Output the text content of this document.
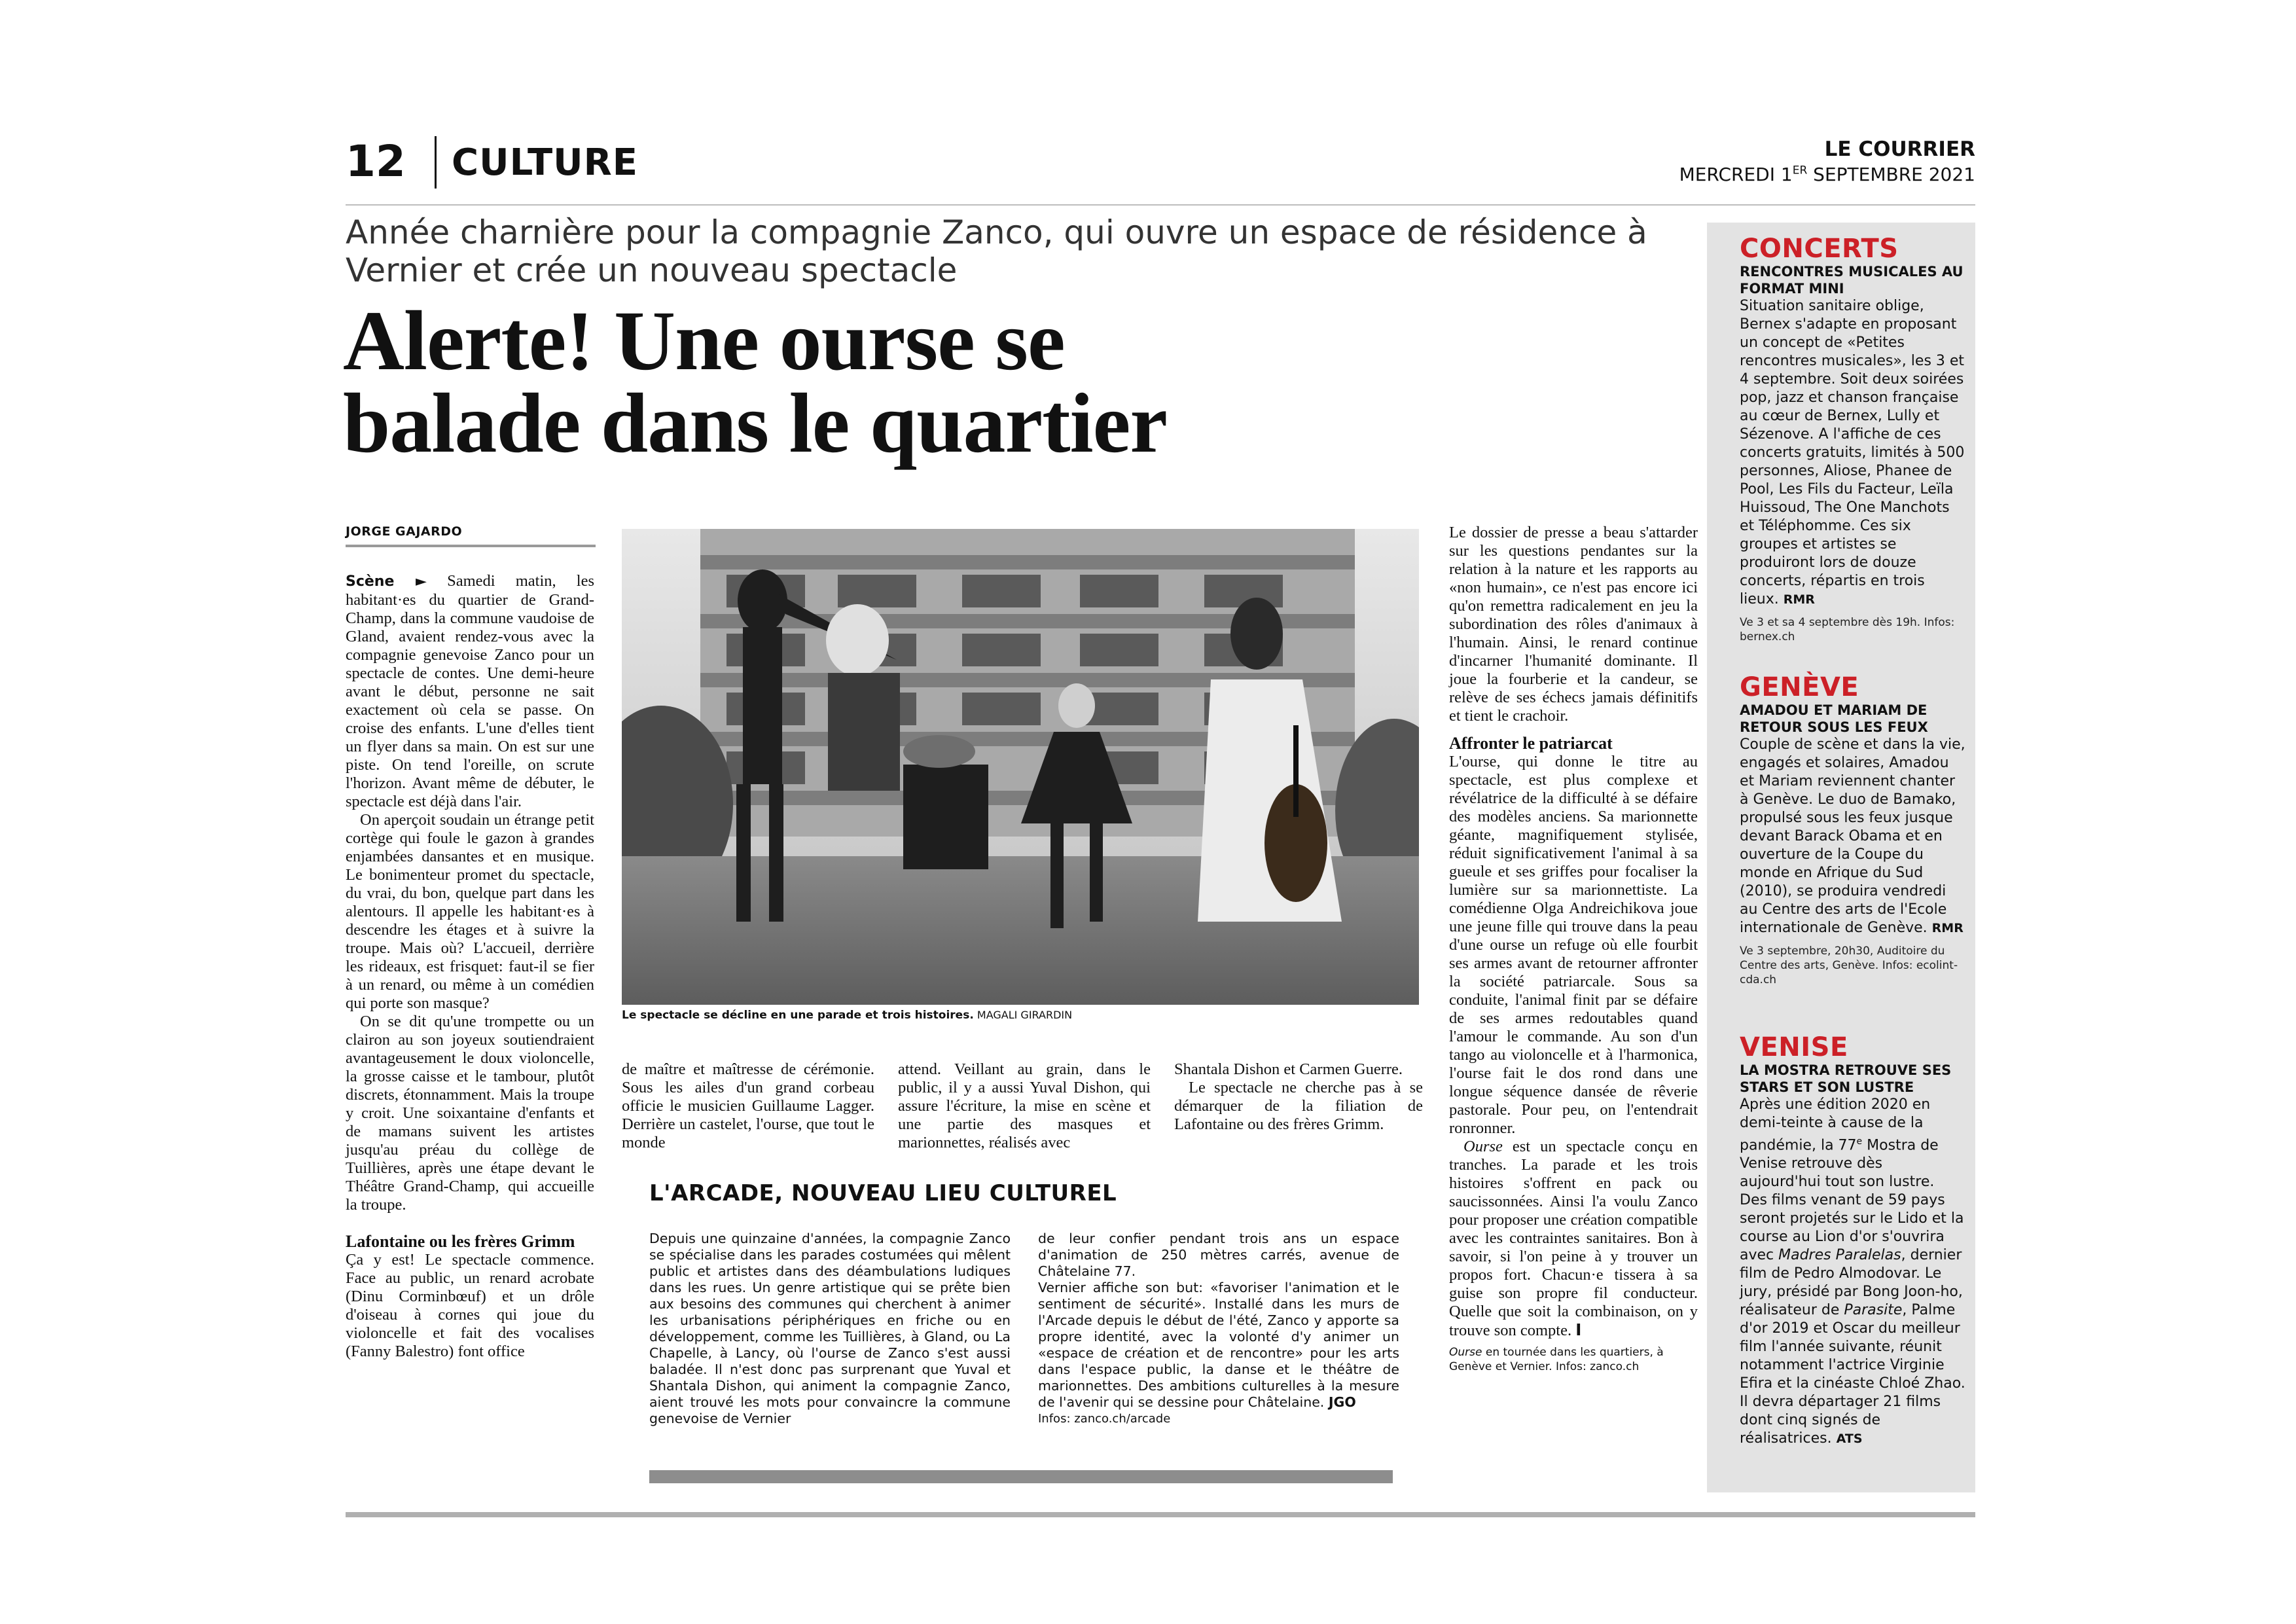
12 CULTURE	LE COURRIER
MERCREDI 1ER SEPTEMBRE 2021
Année charnière pour la compagnie Zanco, qui ouvre un espace de résidence à Vernier et crée un nouveau spectacle
Alerte! Une ourse se
balade dans le quartier
JORGE GAJARDO

Scène ► Samedi matin, les habitant·es du quartier de Grand-Champ, dans la commune vaudoise de Gland, avaient rendez-vous avec la compagnie genevoise Zanco pour un spectacle de contes. Une demi-heure avant le début, personne ne sait exactement où cela se passe. On croise des enfants. L'une d'elles tient un flyer dans sa main. On est sur une piste. On tend l'oreille, on scrute l'horizon. Avant même de débuter, le spectacle est déjà dans l'air.

On aperçoit soudain un étrange petit cortège qui foule le gazon à grandes enjambées dansantes et en musique. Le bonimenteur promet du spectacle, du vrai, du bon, quelque part dans les alentours. Il appelle les habitant·es à descendre les étages et à suivre la troupe. Mais où? L'accueil, derrière les rideaux, est frisquet: faut-il se fier à un renard, ou même à un comédien qui porte son masque?

On se dit qu'une trompette ou un clairon au son joyeux soutiendraient avantageusement le doux violoncelle, la grosse caisse et le tambour, plutôt discrets, étonnamment. Mais la troupe y croit. Une soixantaine d'enfants et de mamans suivent les artistes jusqu'au préau du collège de Tuillières, après une étape devant le Théâtre Grand-Champ, qui accueille la troupe.

Lafontaine ou les frères Grimm

Ça y est! Le spectacle commence. Face au public, un renard acrobate (Dinu Corminbœuf) et un drôle d'oiseau à cornes qui joue du violoncelle et fait des vocalises (Fanny Balestro) font office

Le spectacle se décline en une parade et trois histoires. MAGALI GIRARDIN
de maître et maîtresse de cérémonie. Sous les ailes d'un grand corbeau officie le musicien Guillaume Lagger. Derrière un castelet, l'ourse, que tout le monde
attend. Veillant au grain, dans le public, il y a aussi Yuval Dishon, qui assure l'écriture, la mise en scène et une partie des masques et marionnettes, réalisés avec

Shantala Dishon et Carmen Guerre.

Le spectacle ne cherche pas à se démarquer de la filiation de Lafontaine ou des frères Grimm.

L'ARCADE, NOUVEAU LIEU CULTUREL
Depuis une quinzaine d'années, la compagnie Zanco se spécialise dans les parades costumées qui mêlent public et artistes dans des déambulations ludiques dans les rues. Un genre artistique qui se prête bien aux besoins des communes qui cherchent à animer les urbanisations périphériques en friche ou en développement, comme les Tuillières, à Gland, ou La Chapelle, à Lancy, où l'ourse de Zanco s'est aussi baladée. Il n'est donc pas surprenant que Yuval et Shantala Dishon, qui animent la compagnie Zanco, aient trouvé les mots pour convaincre la commune genevoise de Vernier

de leur confier pendant trois ans un espace d'animation de 250 mètres carrés, avenue de Châtelaine 77.

Vernier affiche son but: «favoriser l'animation et le sentiment de sécurité». Installé dans les murs de l'Arcade depuis le début de l'été, Zanco y apporte sa propre identité, avec la volonté d'y animer un «espace de création et de rencontre» pour les arts dans l'espace public, la danse et le théâtre de marionnettes. Des ambitions culturelles à la mesure de l'avenir qui se dessine pour Châtelaine. JGO

Infos: zanco.ch/arcade

Le dossier de presse a beau s'attarder sur les questions pendantes sur la relation à la nature et les rapports au «non humain», ce n'est pas encore ici qu'on remettra radicalement en jeu la subordination des rôles d'animaux à l'humain. Ainsi, le renard continue d'incarner l'humanité dominante. Il joue la fourberie et la candeur, se relève de ses échecs jamais définitifs et tient le crachoir.

Affronter le patriarcat

L'ourse, qui donne le titre au spectacle, est plus complexe et révélatrice de la difficulté à se défaire des modèles anciens. Sa marionnette géante, magnifiquement stylisée, réduit significativement l'animal à sa gueule et ses griffes pour focaliser la lumière sur sa marionnettiste. La comédienne Olga Andreichikova joue une jeune fille qui trouve dans la peau d'une ourse un refuge où elle fourbit ses armes avant de retourner affronter la société patriarcale. Sous sa conduite, l'animal finit par se défaire de ses armes redoutables quand l'amour le commande. Au son d'un tango au violoncelle et à l'harmonica, l'ourse fait le dos rond dans une longue séquence dansée de rêverie pastorale. Pour peu, on l'entendrait ronronner.

Ourse est un spectacle conçu en tranches. La parade et les trois histoires s'offrent en pack ou saucissonnées. Ainsi l'a voulu Zanco pour proposer une création compatible avec les contraintes sanitaires. Bon à savoir, si l'on peine à y trouver un propos fort. Chacun·e tissera à sa guise son propre fil conducteur. Quelle que soit la combinaison, on y trouve son compte. I

Ourse en tournée dans les quartiers, à Genève et Vernier. Infos: zanco.ch

CONCERTS
RENCONTRES MUSICALES AU FORMAT MINI
Situation sanitaire oblige, Bernex s'adapte en proposant un concept de «Petites rencontres musicales», les 3 et 4 septembre. Soit deux soirées pop, jazz et chanson française au cœur de Bernex, Lully et Sézenove. A l'affiche de ces concerts gratuits, limités à 500 personnes, Aliose, Phanee de Pool, Les Fils du Facteur, Leïla Huissoud, The One Manchots et Téléphomme. Ces six groupes et artistes se produiront lors de douze concerts, répartis en trois lieux. RMR
Ve 3 et sa 4 septembre dès 19h. Infos: bernex.ch
GENÈVE
AMADOU ET MARIAM DE RETOUR SOUS LES FEUX
Couple de scène et dans la vie, engagés et solaires, Amadou et Mariam reviennent chanter à Genève. Le duo de Bamako, propulsé sous les feux jusque devant Barack Obama et en ouverture de la Coupe du monde en Afrique du Sud (2010), se produira vendredi au Centre des arts de l'Ecole internationale de Genève. RMR
Ve 3 septembre, 20h30, Auditoire du Centre des arts, Genève. Infos: ecolint-cda.ch
VENISE
LA MOSTRA RETROUVE SES STARS ET SON LUSTRE
Après une édition 2020 en demi-teinte à cause de la pandémie, la 77e Mostra de Venise retrouve dès aujourd'hui tout son lustre. Des films venant de 59 pays seront projetés sur le Lido et la course au Lion d'or s'ouvrira avec Madres Paralelas, dernier film de Pedro Almodovar. Le jury, présidé par Bong Joon-ho, réalisateur de Parasite, Palme d'or 2019 et Oscar du meilleur film l'année suivante, réunit notamment l'actrice Virginie Efira et la cinéaste Chloé Zhao. Il devra départager 21 films dont cinq signés de réalisatrices. ATS
